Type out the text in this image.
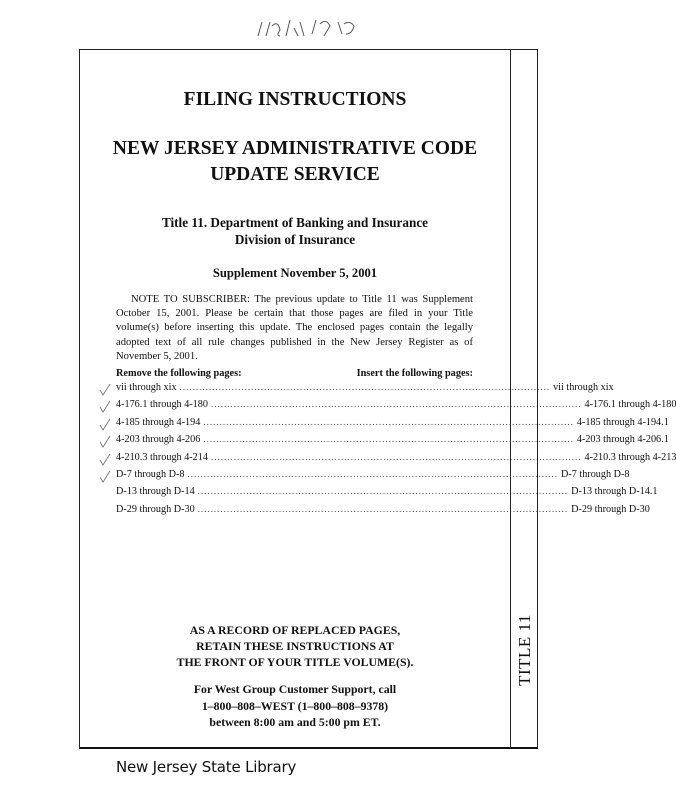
TITLE 11
FILING INSTRUCTIONS
NEW JERSEY ADMINISTRATIVE CODE
UPDATE SERVICE
Title 11. Department of Banking and Insurance
Division of Insurance
Supplement November 5, 2001
NOTE TO SUBSCRIBER: The previous update to Title 11 was Supplement October 15, 2001. Please be certain that those pages are filed in your Title volume(s) before inserting this update. The enclosed pages contain the legally adopted text of all rule changes published in the New Jersey Register as of November 5, 2001.
Remove the following pages:	Insert the following pages:
vii through xix .................................................................................................................. vii through xix
4-176.1 through 4-180 .................................................................................................................. 4-176.1 through 4-180
4-185 through 4-194 .................................................................................................................. 4-185 through 4-194.1
4-203 through 4-206 .................................................................................................................. 4-203 through 4-206.1
4-210.3 through 4-214 .................................................................................................................. 4-210.3 through 4-213
D-7 through D-8 .................................................................................................................. D-7 through D-8
D-13 through D-14 .................................................................................................................. D-13 through D-14.1
D-29 through D-30 .................................................................................................................. D-29 through D-30
AS A RECORD OF REPLACED PAGES,
RETAIN THESE INSTRUCTIONS AT
THE FRONT OF YOUR TITLE VOLUME(S).
For West Group Customer Support, call
1–800–808–WEST (1–800–808–9378)
between 8:00 am and 5:00 pm ET.
New Jersey State Library
